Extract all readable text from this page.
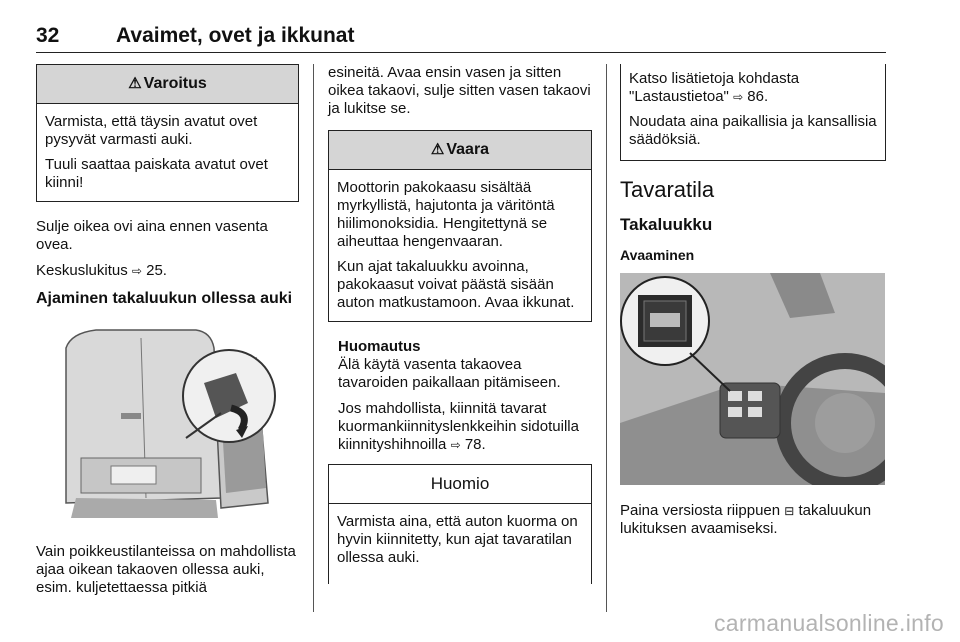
32	Avaimet, ovet ja ikkunat
⚠ Varoitus

Varmista, että täysin avatut ovet pysyvät varmasti auki.

Tuuli saattaa paiskata avatut ovet kiinni!

Sulje oikea ovi aina ennen vasenta ovea.

Keskuslukitus ⇨ 25.

Ajaminen takaluukun ollessa auki

Vain poikkeustilanteissa on mahdollista ajaa oikean takaoven ollessa auki, esim. kuljetettaessa pitkiä

esineitä. Avaa ensin vasen ja sitten oikea takaovi, sulje sitten vasen takaovi ja lukitse se.

⚠ Vaara

Moottorin pakokaasu sisältää myrkyllistä, hajutonta ja väritöntä hiilimonoksidia. Hengitettynä se aiheuttaa hengenvaaran.

Kun ajat takaluukku avoinna, pakokaasut voivat päästä sisään auton matkustamoon. Avaa ikkunat.

Huomautus

Älä käytä vasenta takaovea tavaroiden paikallaan pitämiseen.

Jos mahdollista, kiinnitä tavarat kuormankiinnityslenkkeihin sidotuilla kiinnityshihnoilla ⇨ 78.

Huomio

Varmista aina, että auton kuorma on hyvin kiinnitetty, kun ajat tavaratilan ollessa auki.

Katso lisätietoja kohdasta "Lastaustietoa" ⇨ 86.

Noudata aina paikallisia ja kansallisia säädöksiä.

Tavaratila
Takaluukku
Avaaminen

Paina versiosta riippuen ⊟ takaluukun lukituksen avaamiseksi.

carmanualsonline.info
